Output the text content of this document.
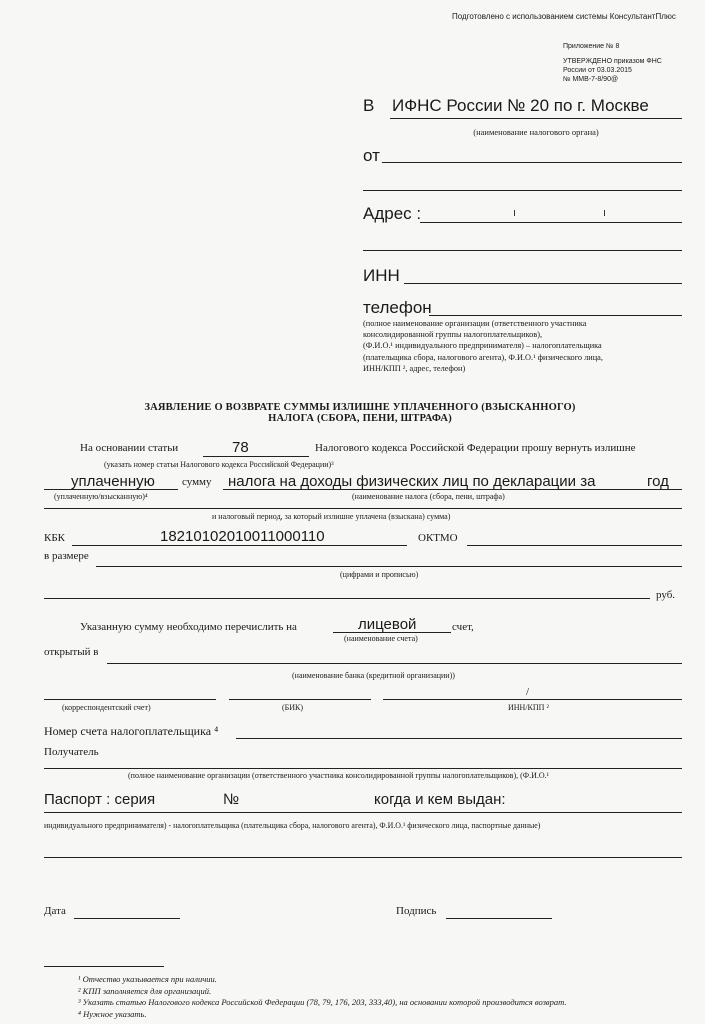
Подготовлено с использованием системы КонсультантПлюс
Приложение № 8
УТВЕРЖДЕНО приказом ФНС
России от 03.03.2015
№ ММВ-7-8/90@
В ИФНС России № 20 по г. Москве
(наименование налогового органа)
от
Адрес :
ИНН
телефон
(полное наименование организации (ответственного участника
консолидированной группы налогоплательщиков),
(Ф.И.О.¹ индивидуального предпринимателя) – налогоплательщика
(плательщика сбора, налогового агента), Ф.И.О.¹ физического лица,
ИНН/КПП ², адрес, телефон)
ЗАЯВЛЕНИЕ О ВОЗВРАТЕ СУММЫ ИЗЛИШНЕ УПЛАЧЕННОГО (ВЗЫСКАННОГО)
НАЛОГА (СБОРА, ПЕНИ, ШТРАФА)
На основании статьи	78	Налогового кодекса Российской Федерации прошу вернуть излишне
(указать номер статьи Налогового кодекса Российской Федерации)³
уплаченную сумму налога на доходы физических лиц по декларации за	год
(уплаченную/взысканную)⁴	(наименование налога (сбора, пени, штрафа)
и налоговый период, за который излишне уплачена (взыскана) сумма)
КБК	18210102010011000110	ОКТМО
в размере
(цифрами и прописью)
руб.
Указанную сумму необходимо перечислить на	лицевой	счет,
(наименование счета)
открытый в
(наименование банка (кредитной организации))
/
(корреспондентский счет)	(БИК)	ИНН/КПП ²
Номер счета налогоплательщика ⁴
Получатель
(полное наименование организации (ответственного участника консолидированной группы налогоплательщиков), (Ф.И.О.¹
Паспорт : серия	№	когда и кем выдан:
индивидуального предпринимателя) - налогоплательщика (плательщика сбора, налогового агента), Ф.И.О.¹ физического лица, паспортные данные)
Дата	Подпись
¹ Отчество указывается при наличии.
² КПП заполняется для организаций.
³ Указать статью Налогового кодекса Российской Федерации (78, 79, 176, 203, 333,40), на основании которой производится возврат.
⁴ Нужное указать.
